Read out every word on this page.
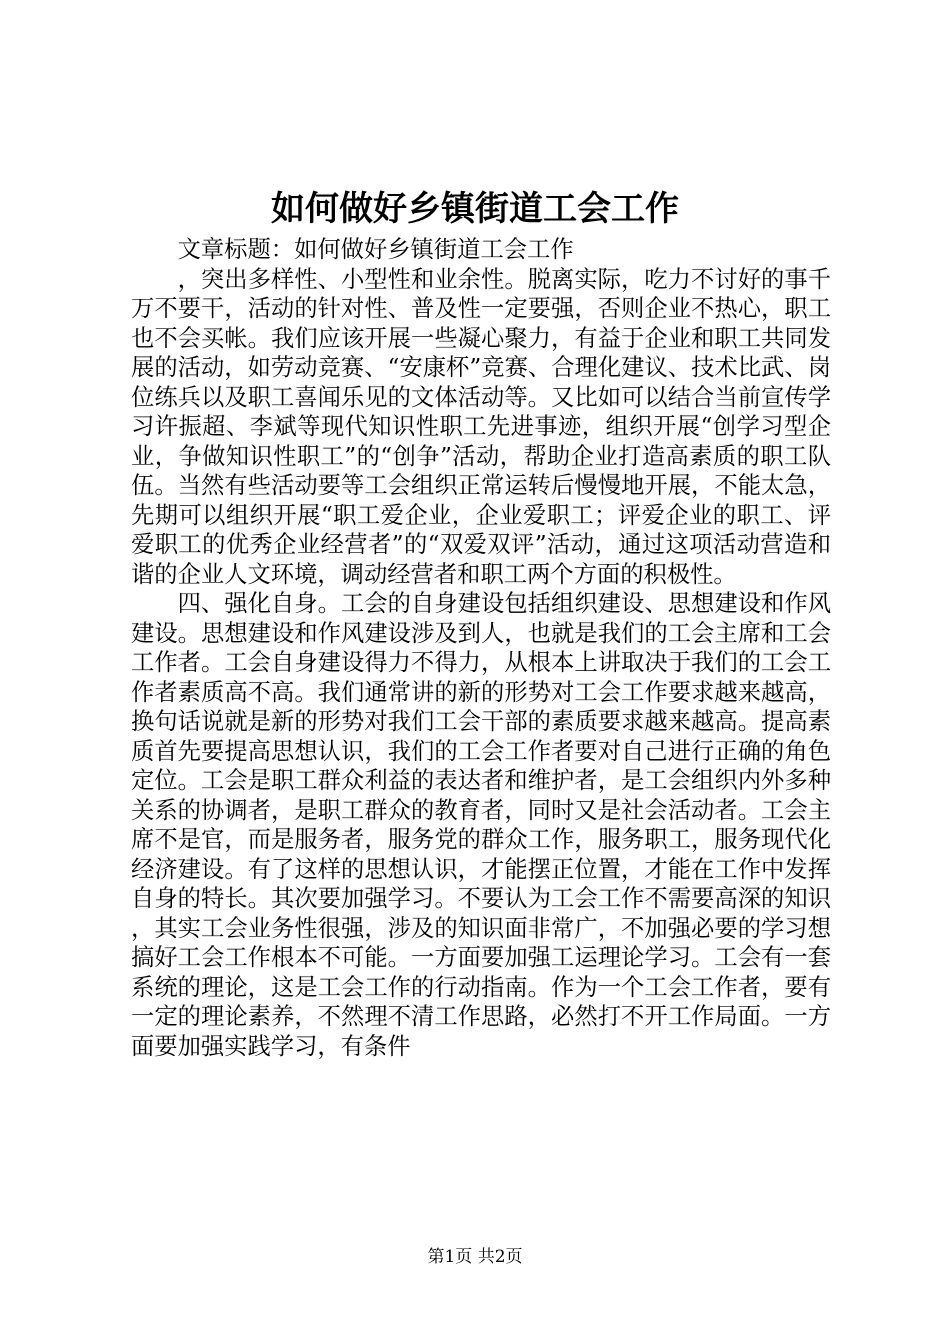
如何做好乡镇街道工会工作

文章标题：如何做好乡镇街道工会工作

，突出多样性、小型性和业余性。脱离实际，吃力不讨好的事千万不要干，活动的针对性、普及性一定要强，否则企业不热心，职工也不会买帐。我们应该开展一些凝心聚力，有益于企业和职工共同发展的活动，如劳动竞赛、“安康杯”竞赛、合理化建议、技术比武、岗位练兵以及职工喜闻乐见的文体活动等。又比如可以结合当前宣传学习许振超、李斌等现代知识性职工先进事迹，组织开展“创学习型企业，争做知识性职工”的“创争”活动，帮助企业打造高素质的职工队伍。当然有些活动要等工会组织正常运转后慢慢地开展，不能太急，先期可以组织开展“职工爱企业，企业爱职工；评爱企业的职工、评爱职工的优秀企业经营者”的“双爱双评”活动，通过这项活动营造和谐的企业人文环境，调动经营者和职工两个方面的积极性。

四、强化自身。工会的自身建设包括组织建设、思想建设和作风建设。思想建设和作风建设涉及到人，也就是我们的工会主席和工会工作者。工会自身建设得力不得力，从根本上讲取决于我们的工会工作者素质高不高。我们通常讲的新的形势对工会工作要求越来越高，换句话说就是新的形势对我们工会干部的素质要求越来越高。提高素质首先要提高思想认识，我们的工会工作者要对自己进行正确的角色定位。工会是职工群众利益的表达者和维护者，是工会组织内外多种关系的协调者，是职工群众的教育者，同时又是社会活动者。工会主席不是官，而是服务者，服务党的群众工作，服务职工，服务现代化经济建设。有了这样的思想认识，才能摆正位置，才能在工作中发挥自身的特长。其次要加强学习。不要认为工会工作不需要高深的知识，其实工会业务性很强，涉及的知识面非常广，不加强必要的学习想搞好工会工作根本不可能。一方面要加强工运理论学习。工会有一套系统的理论，这是工会工作的行动指南。作为一个工会工作者，要有一定的理论素养，不然理不清工作思路，必然打不开工作局面。一方面要加强实践学习，有条件

第1页 共2页
